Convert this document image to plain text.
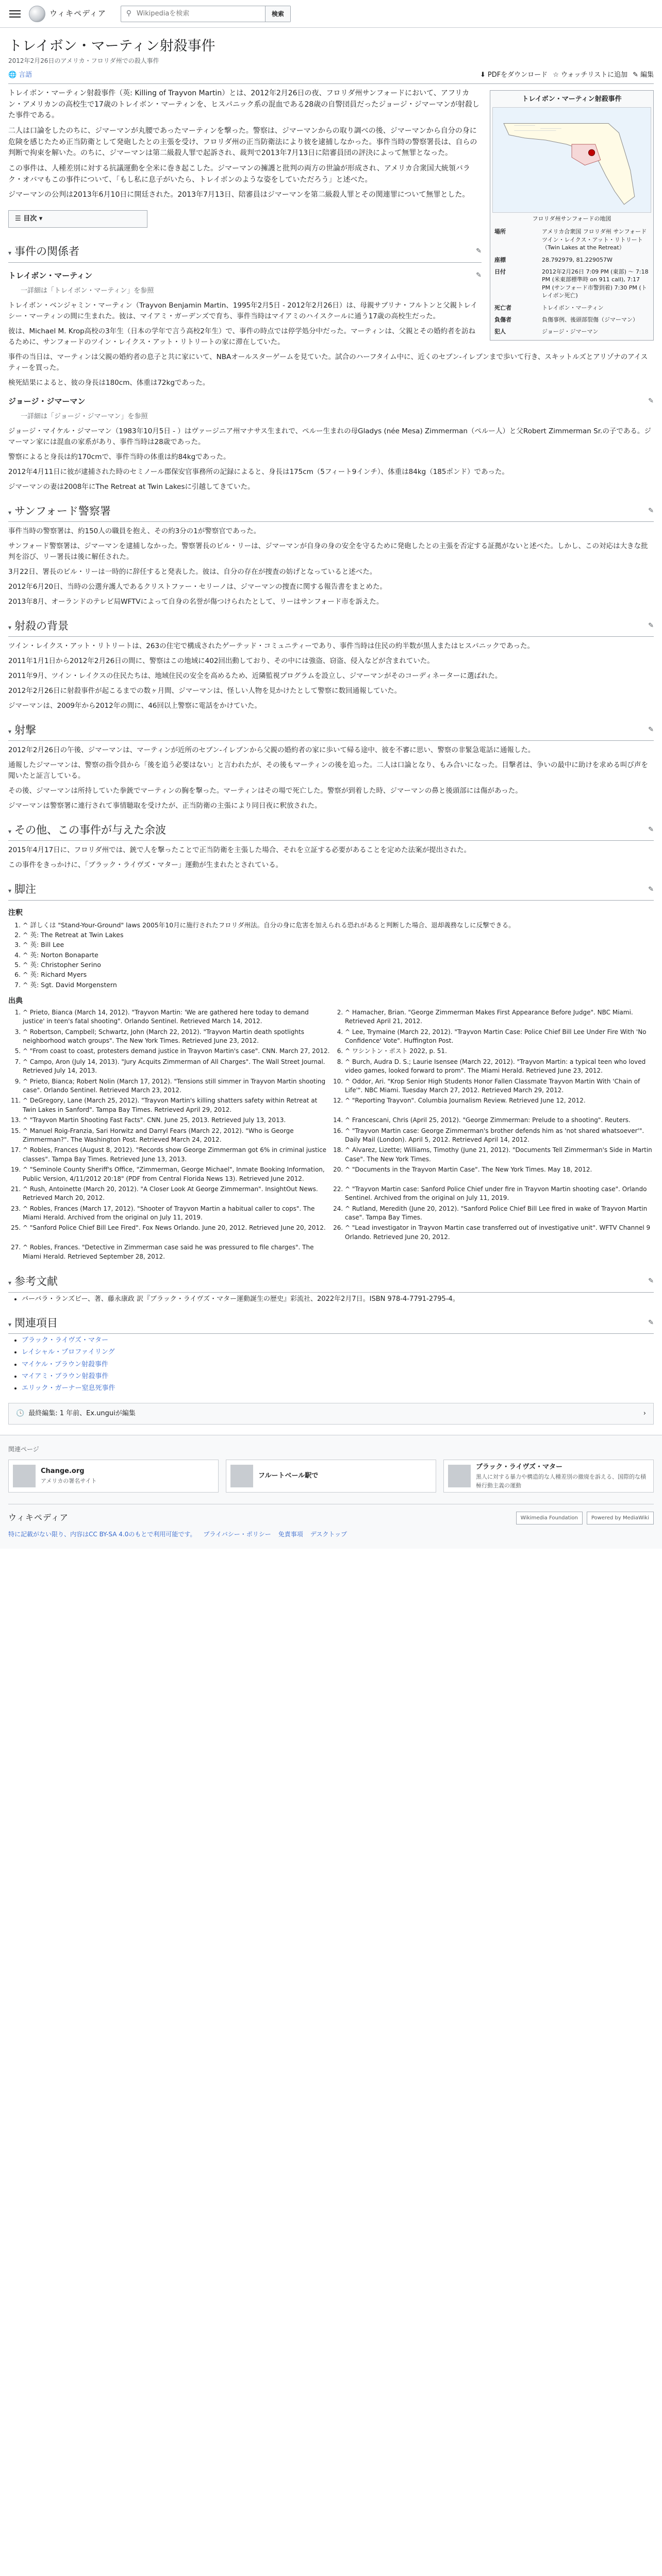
ウィキペディア	⚲
Wikipediaを検索	検索
トレイボン・マーティン射殺事件
2012年2月26日のアメリカ・フロリダ州での殺人事件
🌐 言語	⬇ PDFをダウンロード ☆ ウォッチリストに追加 ✎ 編集
トレイボン・マーティン射殺事件
フロリダ州サンフォードの地図
場所	アメリカ合衆国 フロリダ州 サンフォード ツイン・レイクス・アット・リトリート（Twin Lakes at the Retreat）
座標	28.792979, 81.229057W
日付	2012年2月26日 7:09 PM (東部) 〜 7:18 PM (米東部標準時 on 911 call), 7:17 PM (サンフォード市警到着) 7:30 PM (トレイボン死亡)
死亡者	トレイボン・マーティン
負傷者	負傷事例、後頭部裂傷（ジマーマン）
犯人	ジョージ・ジマーマン

トレイボン・マーティン射殺事件（英: Killing of Trayvon Martin）とは、2012年2月26日の夜、フロリダ州サンフォードにおいて、アフリカン・アメリカンの高校生で17歳のトレイボン・マーティンを、ヒスパニック系の混血である28歳の自警団員だったジョージ・ジマーマンが射殺した事件である。

二人は口論をしたのちに、ジマーマンが丸腰であったマーティンを撃った。警察は、ジマーマンからの取り調べの後、ジマーマンから自分の身に危険を感じたため正当防衛として発砲したとの主張を受け、フロリダ州の正当防衛法により彼を逮捕しなかった。事件当時の警察署長は、自らの判断で拘束を解いた。のちに、ジマーマンは第二級殺人罪で起訴され、裁判で2013年7月13日に陪審員団の評決によって無罪となった。

この事件は、人種差別に対する抗議運動を全米に巻き起こした。ジマーマンの擁護と批判の両方の世論が形成され、アメリカ合衆国大統領バラク・オバマもこの事件について、「もし私に息子がいたら、トレイボンのような姿をしていただろう」と述べた。

ジマーマンの公判は2013年6月10日に開廷された。2013年7月13日、陪審員はジマーマンを第二級殺人罪とその関連罪について無罪とした。

☰ 目次 ▾
▾ 事件の関係者	✎
トレイボン・マーティン	✎
一詳細は「トレイボン・マーティン」を参照

トレイボン・ベンジャミン・マーティン（Trayvon Benjamin Martin、1995年2月5日 - 2012年2月26日）は、母親サブリナ・フルトンと父親トレイシー・マーティンの間に生まれた。彼は、マイアミ・ガーデンズで育ち、事件当時はマイアミのハイスクールに通う17歳の高校生だった。

彼は、Michael M. Krop高校の3年生（日本の学年で言う高校2年生）で、事件の時点では停学処分中だった。マーティンは、父親とその婚約者を訪ねるために、サンフォードのツイン・レイクス・アット・リトリートの家に滞在していた。

事件の当日は、マーティンは父親の婚約者の息子と共に家にいて、NBAオールスターゲームを見ていた。試合のハーフタイム中に、近くのセブン-イレブンまで歩いて行き、スキットルズとアリゾナのアイスティーを買った。

検死結果によると、彼の身長は180cm、体重は72kgであった。

ジョージ・ジマーマン	✎
一詳細は「ジョージ・ジマーマン」を参照

ジョージ・マイケル・ジマーマン（1983年10月5日 - ）はヴァージニア州マナサス生まれで、ペルー生まれの母Gladys (née Mesa) Zimmerman（ペルー人）と父Robert Zimmerman Sr.の子である。ジマーマン家には混血の家系があり、事件当時は28歳であった。

警察によると身長は約170cmで、事件当時の体重は約84kgであった。

2012年4月11日に彼が逮捕された時のセミノール郡保安官事務所の記録によると、身長は175cm（5フィート9インチ）、体重は84kg（185ポンド）であった。

ジマーマンの妻は2008年にThe Retreat at Twin Lakesに引越してきていた。

▾ サンフォード警察署	✎

事件当時の警察署は、約150人の職員を抱え、その約3分の1が警察官であった。

サンフォード警察署は、ジマーマンを逮捕しなかった。警察署長のビル・リーは、ジマーマンが自身の身の安全を守るために発砲したとの主張を否定する証拠がないと述べた。しかし、この対応は大きな批判を浴び、リー署長は後に解任された。

3月22日、署長のビル・リーは一時的に辞任すると発表した。彼は、自分の存在が捜査の妨げとなっていると述べた。

2012年6月20日、当時の公選弁護人であるクリストファー・セリーノは、ジマーマンの捜査に関する報告書をまとめた。

2013年8月、オーランドのテレビ局WFTVによって自身の名誉が傷つけられたとして、リーはサンフォード市を訴えた。

▾ 射殺の背景	✎

ツイン・レイクス・アット・リトリートは、263の住宅で構成されたゲーテッド・コミュニティーであり、事件当時は住民の約半数が黒人またはヒスパニックであった。

2011年1月1日から2012年2月26日の間に、警察はこの地域に402回出動しており、その中には強盗、窃盗、侵入などが含まれていた。

2011年9月、ツイン・レイクスの住民たちは、地域住民の安全を高めるため、近隣監視プログラムを設立し、ジマーマンがそのコーディネーターに選ばれた。

2012年2月26日に射殺事件が起こるまでの数ヶ月間、ジマーマンは、怪しい人物を見かけたとして警察に数回通報していた。

ジマーマンは、2009年から2012年の間に、46回以上警察に電話をかけていた。

▾ 射撃	✎

2012年2月26日の午後、ジマーマンは、マーティンが近所のセブン-イレブンから父親の婚約者の家に歩いて帰る途中、彼を不審に思い、警察の非緊急電話に通報した。

通報したジマーマンは、警察の指令員から「後を追う必要はない」と言われたが、その後もマーティンの後を追った。二人は口論となり、もみ合いになった。目撃者は、争いの最中に助けを求める叫び声を聞いたと証言している。

その後、ジマーマンは所持していた拳銃でマーティンの胸を撃った。マーティンはその場で死亡した。警察が到着した時、ジマーマンの鼻と後頭部には傷があった。

ジマーマンは警察署に連行されて事情聴取を受けたが、正当防衛の主張により同日夜に釈放された。

▾ その他、この事件が与えた余波	✎

2015年4月17日に、フロリダ州では、銃で人を撃ったことで正当防衛を主張した場合、それを立証する必要があることを定めた法案が提出された。

この事件をきっかけに、「ブラック・ライヴズ・マター」運動が生まれたとされている。

▾ 脚注	✎
注釈
1. ^ 詳しくは "Stand-Your-Ground" laws 2005年10月に施行されたフロリダ州法。自分の身に危害を加えられる恐れがあると判断した場合、退却義務なしに反撃できる。
2. ^ 英: The Retreat at Twin Lakes
3. ^ 英: Bill Lee
4. ^ 英: Norton Bonaparte
5. ^ 英: Christopher Serino
6. ^ 英: Richard Myers
7. ^ 英: Sgt. David Morgenstern
出典
1. ^ Prieto, Bianca (March 14, 2012). "Trayvon Martin: 'We are gathered here today to demand justice' in teen's fatal shooting". Orlando Sentinel. Retrieved March 14, 2012.
2. ^ Hamacher, Brian. "George Zimmerman Makes First Appearance Before Judge". NBC Miami. Retrieved April 21, 2012.
3. ^ Robertson, Campbell; Schwartz, John (March 22, 2012). "Trayvon Martin death spotlights neighborhood watch groups". The New York Times. Retrieved June 23, 2012.
4. ^ Lee, Trymaine (March 22, 2012). "Trayvon Martin Case: Police Chief Bill Lee Under Fire With 'No Confidence' Vote". Huffington Post.
5. ^ "From coast to coast, protesters demand justice in Trayvon Martin's case". CNN. March 27, 2012. 6. ^ ワシントン・ポスト 2022, p. 51.
7. ^ Campo, Aron (July 14, 2013). "Jury Acquits Zimmerman of All Charges". The Wall Street Journal. Retrieved July 14, 2013.
8. ^ Burch, Audra D. S.; Laurie Isensee (March 22, 2012). "Trayvon Martin: a typical teen who loved video games, looked forward to prom". The Miami Herald. Retrieved June 23, 2012.
9. ^ Prieto, Bianca; Robert Nolin (March 17, 2012). "Tensions still simmer in Trayvon Martin shooting case". Orlando Sentinel. Retrieved March 23, 2012.
10. ^ Oddor, Ari. "Krop Senior High Students Honor Fallen Classmate Trayvon Martin With 'Chain of Life'". NBC Miami. Tuesday March 27, 2012. Retrieved March 29, 2012.
11. ^ DeGregory, Lane (March 25, 2012). "Trayvon Martin's killing shatters safety within Retreat at Twin Lakes in Sanford". Tampa Bay Times. Retrieved April 29, 2012.
12. ^ "Reporting Trayvon". Columbia Journalism Review. Retrieved June 12, 2012.
13. ^ "Trayvon Martin Shooting Fast Facts". CNN. June 25, 2013. Retrieved July 13, 2013.	14. ^ Francescani, Chris (April 25, 2012). "George Zimmerman: Prelude to a shooting". Reuters.
15. ^ Manuel Roig-Franzia, Sari Horwitz and Darryl Fears (March 22, 2012). "Who is George Zimmerman?". The Washington Post. Retrieved March 24, 2012.
16. ^ "Trayvon Martin case: George Zimmerman's brother defends him as 'not shared whatsoever'". Daily Mail (London). April 5, 2012. Retrieved April 14, 2012.
17. ^ Robles, Frances (August 8, 2012). "Records show George Zimmerman got 6% in criminal justice classes". Tampa Bay Times. Retrieved June 13, 2013.
18. ^ Alvarez, Lizette; Williams, Timothy (June 21, 2012). "Documents Tell Zimmerman's Side in Martin Case". The New York Times.
19. ^ "Seminole County Sheriff's Office, "Zimmerman, George Michael", Inmate Booking Information, Public Version, 4/11/2012 20:18" (PDF from Central Florida News 13). Retrieved June 2012.
20. ^ "Documents in the Trayvon Martin Case". The New York Times. May 18, 2012.
21. ^ Rush, Antoinette (March 20, 2012). "A Closer Look At George Zimmerman". InsightOut News. Retrieved March 20, 2012.
22. ^ "Trayvon Martin case: Sanford Police Chief under fire in Trayvon Martin shooting case". Orlando Sentinel. Archived from the original on July 11, 2019.
23. ^ Robles, Frances (March 17, 2012). "Shooter of Trayvon Martin a habitual caller to cops". The Miami Herald. Archived from the original on July 11, 2019.
24. ^ Rutland, Meredith (June 20, 2012). "Sanford Police Chief Bill Lee fired in wake of Trayvon Martin case". Tampa Bay Times.
25. ^ "Sanford Police Chief Bill Lee Fired". Fox News Orlando. June 20, 2012. Retrieved June 20, 2012.	26. ^ "Lead investigator in Trayvon Martin case transferred out of investigative unit". WFTV Channel 9 Orlando. Retrieved June 20, 2012.
27. ^ Robles, Frances. "Detective in Zimmerman case said he was pressured to file charges". The Miami Herald. Retrieved September 28, 2012.
▾ 参考文献	✎
• バーバラ・ランズビー、著、藤永康政 訳『ブラック・ライヴズ・マター運動誕生の歴史』彩流社、2022年2月7日。ISBN 978-4-7791-2795-4。
▾ 関連項目	✎
• ブラック・ライヴズ・マター
• レイシャル・プロファイリング
• マイケル・ブラウン射殺事件
• マイアミ・ブラウン射殺事件
• エリック・ガーナー窒息死事件
🕓 最終編集: 1 年前、Ex.unguiが編集	›
関連ページ
Change.org
アメリカの署名サイト
フルートベール駅で
ブラック・ライヴズ・マター
黒人に対する暴力や構造的な人種差別の撤廃を訴える、国際的な積極行動主義の運動
ウィキペディア	Wikimedia Foundation	Powered by MediaWiki
特に記載がない限り、内容はCC BY-SA 4.0のもとで利用可能です。 プライバシー・ポリシー 免責事項 デスクトップ
